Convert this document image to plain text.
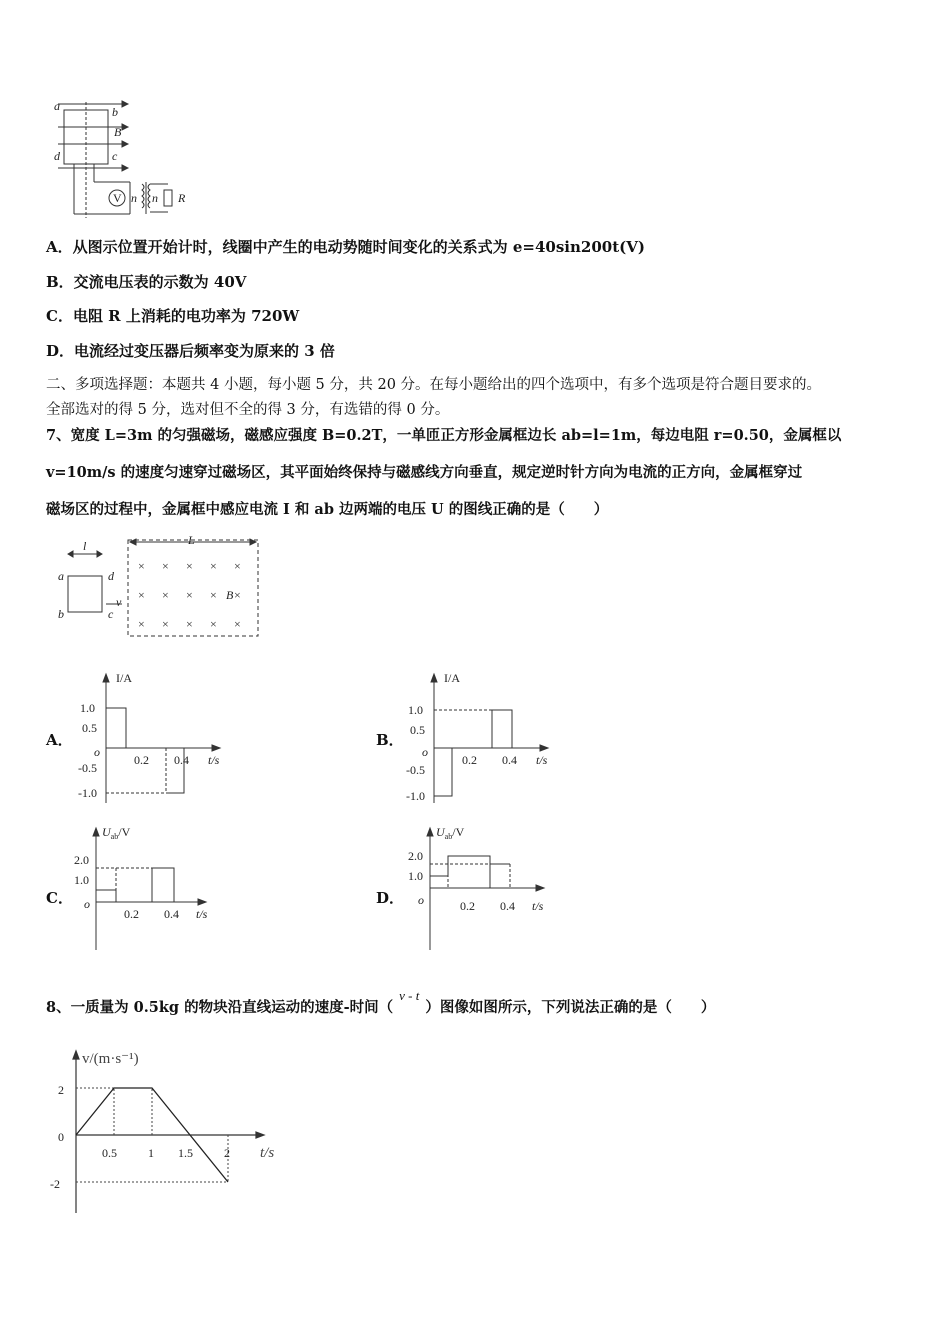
a	b
B
d	c
V n n R
A．从图示位置开始计时，线圈中产生的电动势随时间变化的关系式为 e=40sin200t(V)
B．交流电压表的示数为 40V
C．电阻 R 上消耗的电功率为 720W
D．电流经过变压器后频率变为原来的 3 倍
二、多项选择题：本题共 4 小题，每小题 5 分，共 20 分。在每小题给出的四个选项中，有多个选项是符合题目要求的。
全部选对的得 5 分，选对但不全的得 3 分，有选错的得 0 分。
7、宽度 L=3m 的匀强磁场，磁感应强度 B=0.2T，一单匝正方形金属框边长 ab=l=1m，每边电阻 r=0.50，金属框以
v=10m/s 的速度匀速穿过磁场区，其平面始终保持与磁感线方向垂直，规定逆时针方向为电流的正方向，金属框穿过
磁场区的过程中，金属框中感应电流 I 和 ab 边两端的电压 U 的图线正确的是（　　）
× × × × ×
× × × × ×
× × × × ×
l	L
a	d
b	c
v	B
A．
I/A
1.0
0.5
o
-0.5
-1.0
0.2 0.4 t/s
B．
I/A
1.0
0.5
o
-0.5
-1.0
0.2 0.4 t/s
C．
$U_{ab}/V$
2.0
1.0
o
0.2 0.4 t/s
D．
$U_{ab}/V$
2.0
1.0
o	0.2 0.4 t/s
8、一质量为 0.5kg 的物块沿直线运动的速度-时间（v - t）图像如图所示，下列说法正确的是（　　）
v/(m·s⁻¹)
t/s
2
0
-2
0.5	1 1.5	2
